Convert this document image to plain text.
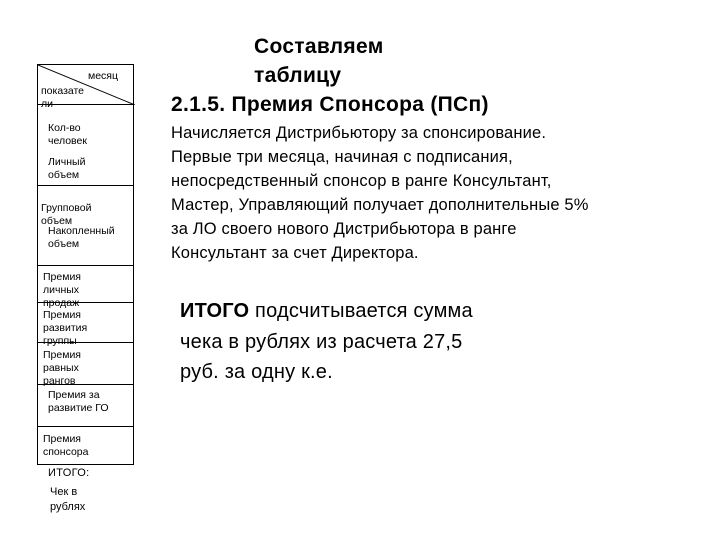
месяц
показате
ли
Кол-во
человек
Личный
объем
Групповой
объем
Накопленный
объем
Премия
личных
продаж
Премия
развития
группы
Премия
равных
рангов
Премия за
развитие ГО
Премия
спонсора
ИТОГО:
Чек в
рублях
Составляем
таблицу
2.1.5. Премия Спонсора (ПСп)
Начисляется Дистрибьютору за спонсирование.
Первые три месяца, начиная с подписания,
непосредственный спонсор в ранге Консультант,
Мастер, Управляющий получает дополнительные 5%
за ЛО своего нового Дистрибьютора в ранге
Консультант за счет Директора.
ИТОГО подсчитывается сумма
чека в рублях из расчета 27,5
руб. за одну к.е.
